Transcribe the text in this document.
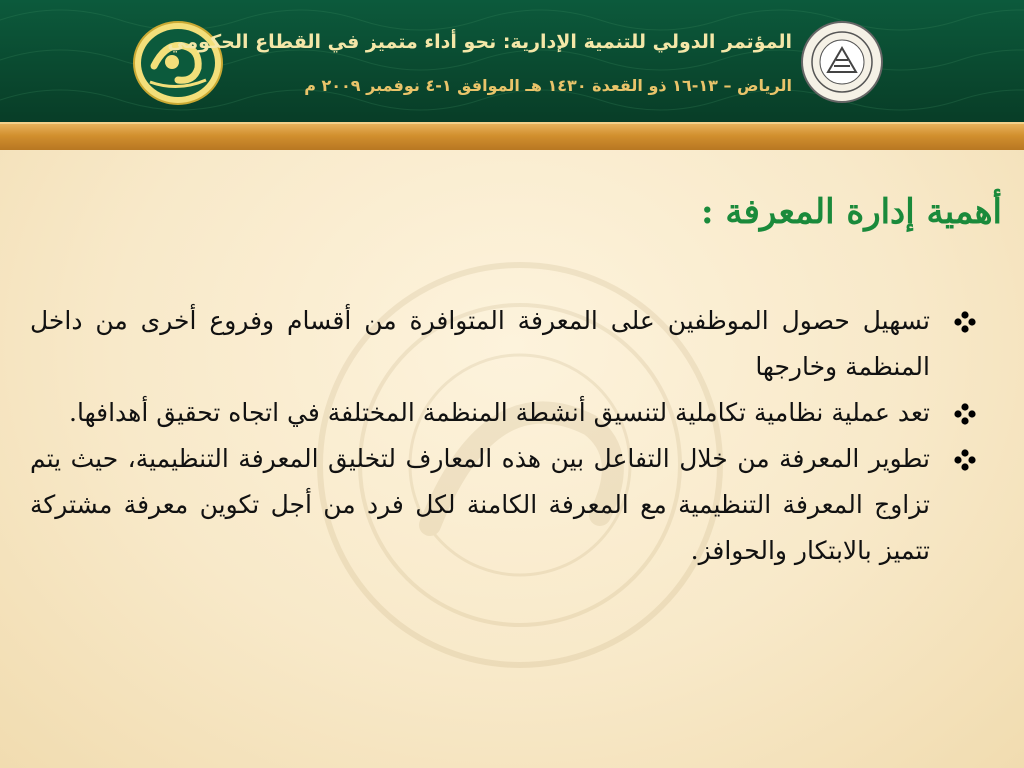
المؤتمر الدولي للتنمية الإدارية: نحو أداء متميز في القطاع الحكومي
الرياض – ١٣-١٦ ذو القعدة ١٤٣٠ هـ الموافق ١-٤ نوفمبر ٢٠٠٩ م
أهمية إدارة المعرفة :
تسهيل حصول الموظفين على المعرفة المتوافرة من أقسام وفروع أخرى من داخل المنظمة وخارجها
تعد عملية نظامية تكاملية لتنسيق أنشطة المنظمة المختلفة في اتجاه تحقيق أهدافها.
تطوير المعرفة من خلال التفاعل بين هذه المعارف لتخليق المعرفة التنظيمية، حيث يتم تزاوج المعرفة التنظيمية مع المعرفة الكامنة لكل فرد من أجل تكوين معرفة مشتركة تتميز بالابتكار والحوافز.
